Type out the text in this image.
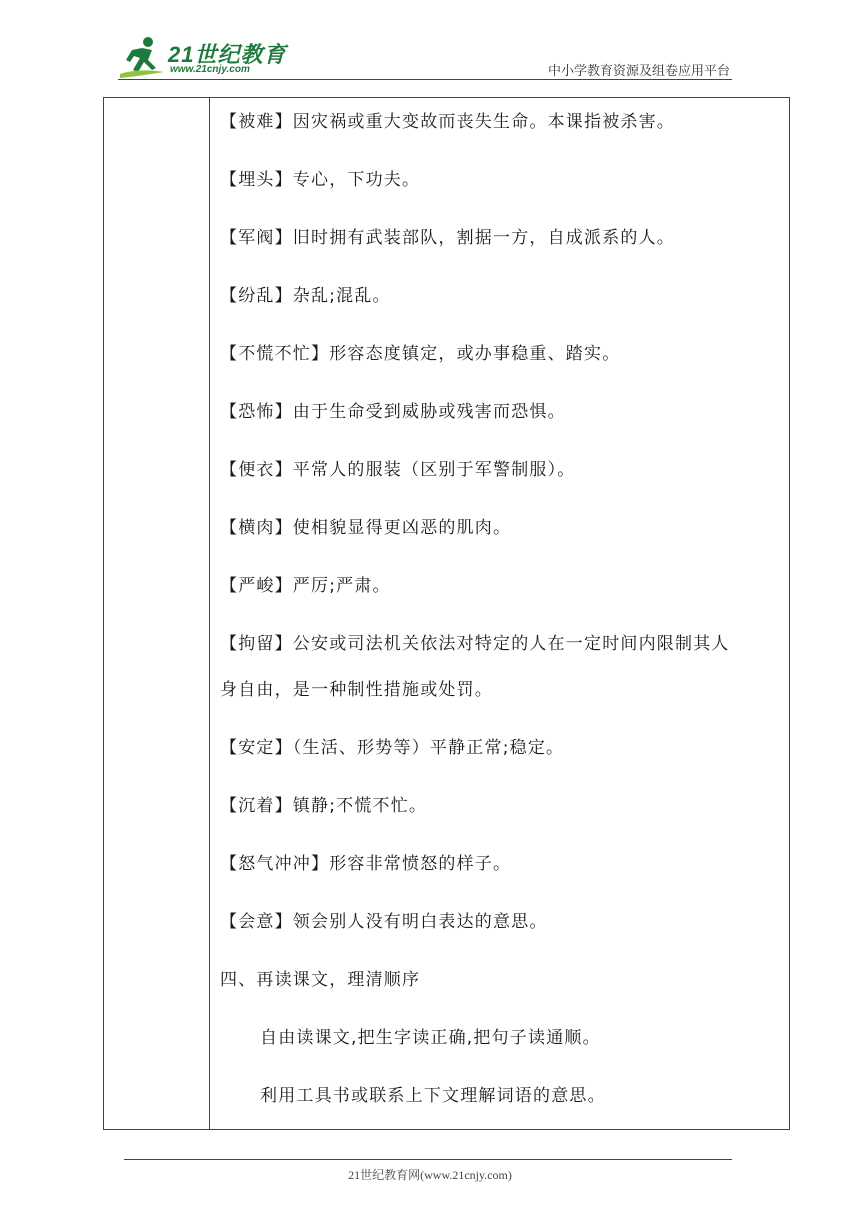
21世纪教育
www.21cnjy.com	中小学教育资源及组卷应用平台
【被难】因灾祸或重大变故而丧失生命。本课指被杀害。
【埋头】专心，下功夫。
【军阀】旧时拥有武装部队，割据一方，自成派系的人。
【纷乱】杂乱;混乱。
【不慌不忙】形容态度镇定，或办事稳重、踏实。
【恐怖】由于生命受到威胁或残害而恐惧。
【便衣】平常人的服装（区别于军警制服）。
【横肉】使相貌显得更凶恶的肌肉。
【严峻】严厉;严肃。
【拘留】公安或司法机关依法对特定的人在一定时间内限制其人
身自由，是一种制性措施或处罚。
【安定】（生活、形势等）平静正常;稳定。
【沉着】镇静;不慌不忙。
【怒气冲冲】形容非常愤怒的样子。
【会意】领会别人没有明白表达的意思。
四、再读课文，理清顺序
自由读课文,把生字读正确,把句子读通顺。
利用工具书或联系上下文理解词语的意思。
21世纪教育网(www.21cnjy.com)
